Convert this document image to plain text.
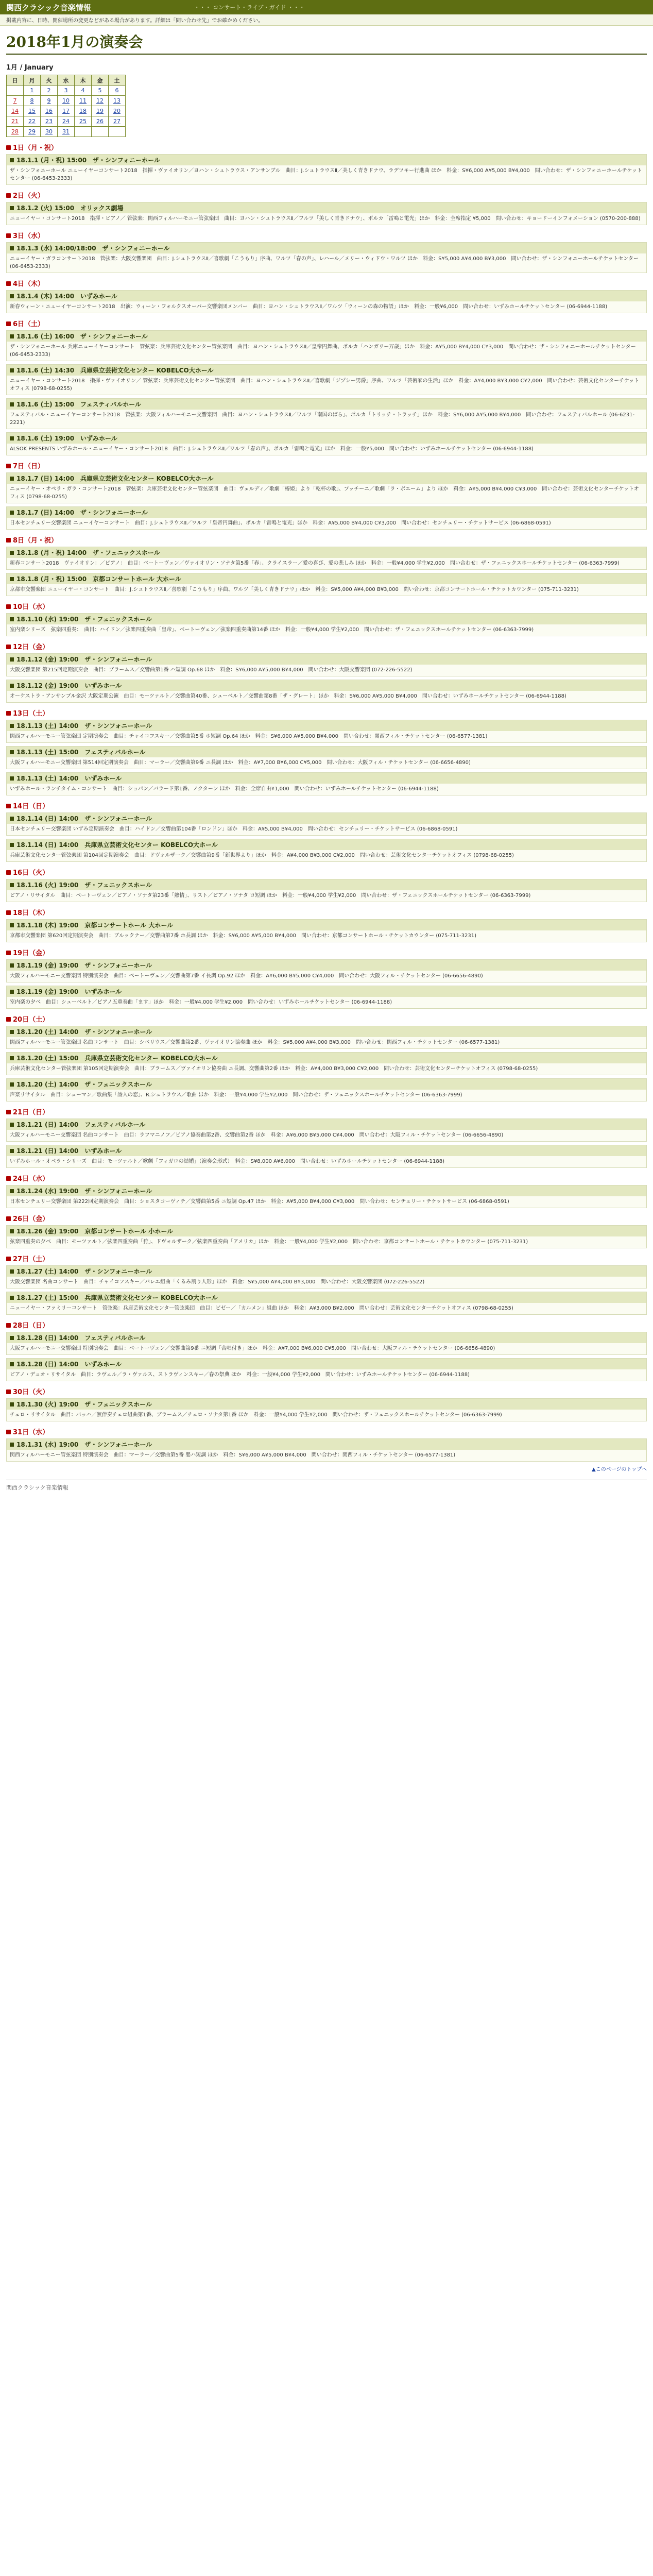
関西クラシック音楽情報	・・・ コンサート・ライブ・ガイド ・・・
掲載内容に、日時、開催場所の変更などがある場合があります。詳細は「問い合わせ先」でお確かめください。
2018年1月の演奏会
1月 / January
日	月	火	水	木	金	土
	1	2	3	4	5	6
7	8	9	10	11	12	13
14	15	16	17	18	19	20
21	22	23	24	25	26	27
28	29	30	31			
1日（月・祝）
18.1.1 (月・祝) 15:00　ザ・シンフォニーホール
ザ・シンフォニーホール ニューイヤーコンサート2018　指揮・ヴァイオリン／ヨハン・シュトラウス・アンサンブル　曲目：J.シュトラウスⅡ／美しく青きドナウ、ラデツキー行進曲 ほか　料金：S¥6,000 A¥5,000 B¥4,000　問い合わせ：ザ・シンフォニーホールチケットセンター (06-6453-2333)
2日（火）
18.1.2 (火) 15:00　オリックス劇場
ニューイヤー・コンサート2018　指揮・ピアノ／ 管弦楽：関西フィルハーモニー管弦楽団　曲目：ヨハン・シュトラウスⅡ／ワルツ「美しく青きドナウ」、ポルカ「雷鳴と電光」ほか　料金：全席指定 ¥5,000　問い合わせ：キョードーインフォメーション (0570-200-888)
3日（水）
18.1.3 (水) 14:00/18:00　ザ・シンフォニーホール
ニューイヤー・ガラコンサート2018　管弦楽：大阪交響楽団　曲目：J.シュトラウスⅡ／喜歌劇「こうもり」序曲、ワルツ「春の声」、レハール／メリー・ウィドウ・ワルツ ほか　料金：S¥5,000 A¥4,000 B¥3,000　問い合わせ：ザ・シンフォニーホールチケットセンター (06-6453-2333)
4日（木）
18.1.4 (木) 14:00　いずみホール
新春ウィーン・ニューイヤーコンサート2018　出演：ウィーン・フォルクスオーパー交響楽団メンバー　曲目：ヨハン・シュトラウスⅡ／ワルツ「ウィーンの森の物語」ほか　料金：一般¥6,000　問い合わせ：いずみホールチケットセンター (06-6944-1188)
6日（土）
18.1.6 (土) 16:00　ザ・シンフォニーホール
ザ・シンフォニーホール 兵庫ニューイヤーコンサート　管弦楽：兵庫芸術文化センター管弦楽団　曲目：ヨハン・シュトラウスⅡ／皇帝円舞曲、ポルカ「ハンガリー万歳」ほか　料金：A¥5,000 B¥4,000 C¥3,000　問い合わせ：ザ・シンフォニーホールチケットセンター (06-6453-2333)
18.1.6 (土) 14:30　兵庫県立芸術文化センター KOBELCO大ホール
ニューイヤー・コンサート2018　指揮・ヴァイオリン／ 管弦楽：兵庫芸術文化センター管弦楽団　曲目：ヨハン・シュトラウスⅡ／喜歌劇「ジプシー男爵」序曲、ワルツ「芸術家の生活」ほか　料金：A¥4,000 B¥3,000 C¥2,000　問い合わせ：芸術文化センターチケットオフィス (0798-68-0255)
18.1.6 (土) 15:00　フェスティバルホール
フェスティバル・ニューイヤーコンサート2018　管弦楽：大阪フィルハーモニー交響楽団　曲目：ヨハン・シュトラウスⅡ／ワルツ「南国のばら」、ポルカ「トリッチ・トラッチ」ほか　料金：S¥6,000 A¥5,000 B¥4,000　問い合わせ：フェスティバルホール (06-6231-2221)
18.1.6 (土) 19:00　いずみホール
ALSOK PRESENTS いずみホール・ニューイヤー・コンサート2018　曲目：J.シュトラウスⅡ／ワルツ「春の声」、ポルカ「雷鳴と電光」ほか　料金：一般¥5,000　問い合わせ：いずみホールチケットセンター (06-6944-1188)
7日（日）
18.1.7 (日) 14:00　兵庫県立芸術文化センター KOBELCO大ホール
ニューイヤー・オペラ・ガラ・コンサート2018　管弦楽：兵庫芸術文化センター管弦楽団　曲目：ヴェルディ／歌劇「椿姫」より「乾杯の歌」、プッチーニ／歌劇「ラ・ボエーム」より ほか　料金：A¥5,000 B¥4,000 C¥3,000　問い合わせ：芸術文化センターチケットオフィス (0798-68-0255)
18.1.7 (日) 14:00　ザ・シンフォニーホール
日本センチュリー交響楽団 ニューイヤーコンサート　曲目：J.シュトラウスⅡ／ワルツ「皇帝円舞曲」、ポルカ「雷鳴と電光」ほか　料金：A¥5,000 B¥4,000 C¥3,000　問い合わせ：センチュリー・チケットサービス (06-6868-0591)
8日（月・祝）
18.1.8 (月・祝) 14:00　ザ・フェニックスホール
新春コンサート2018　ヴァイオリン：／ピアノ：　曲目：ベートーヴェン／ヴァイオリン・ソナタ第5番「春」、クライスラー／愛の喜び、愛の悲しみ ほか　料金：一般¥4,000 学生¥2,000　問い合わせ：ザ・フェニックスホールチケットセンター (06-6363-7999)
18.1.8 (月・祝) 15:00　京都コンサートホール 大ホール
京都市交響楽団 ニューイヤー・コンサート　曲目：J.シュトラウスⅡ／喜歌劇「こうもり」序曲、ワルツ「美しく青きドナウ」ほか　料金：S¥5,000 A¥4,000 B¥3,000　問い合わせ：京都コンサートホール・チケットカウンター (075-711-3231)
10日（水）
18.1.10 (水) 19:00　ザ・フェニックスホール
室内楽シリーズ　弦楽四重奏：　曲目：ハイドン／弦楽四重奏曲「皇帝」、ベートーヴェン／弦楽四重奏曲第14番 ほか　料金：一般¥4,000 学生¥2,000　問い合わせ：ザ・フェニックスホールチケットセンター (06-6363-7999)
12日（金）
18.1.12 (金) 19:00　ザ・シンフォニーホール
大阪交響楽団 第215回定期演奏会　曲目：ブラームス／交響曲第1番 ハ短調 Op.68 ほか　料金：S¥6,000 A¥5,000 B¥4,000　問い合わせ：大阪交響楽団 (072-226-5522)
18.1.12 (金) 19:00　いずみホール
オーケストラ・アンサンブル金沢 大阪定期公演　曲目：モーツァルト／交響曲第40番、シューベルト／交響曲第8番「ザ・グレート」ほか　料金：S¥6,000 A¥5,000 B¥4,000　問い合わせ：いずみホールチケットセンター (06-6944-1188)
13日（土）
18.1.13 (土) 14:00　ザ・シンフォニーホール
関西フィルハーモニー管弦楽団 定期演奏会　曲目：チャイコフスキー／交響曲第5番 ホ短調 Op.64 ほか　料金：S¥6,000 A¥5,000 B¥4,000　問い合わせ：関西フィル・チケットセンター (06-6577-1381)
18.1.13 (土) 15:00　フェスティバルホール
大阪フィルハーモニー交響楽団 第514回定期演奏会　曲目：マーラー／交響曲第9番 ニ長調 ほか　料金：A¥7,000 B¥6,000 C¥5,000　問い合わせ：大阪フィル・チケットセンター (06-6656-4890)
18.1.13 (土) 14:00　いずみホール
いずみホール・ランチタイム・コンサート　曲目：ショパン／バラード第1番、ノクターン ほか　料金：全席自由¥1,000　問い合わせ：いずみホールチケットセンター (06-6944-1188)
14日（日）
18.1.14 (日) 14:00　ザ・シンフォニーホール
日本センチュリー交響楽団 いずみ定期演奏会　曲目：ハイドン／交響曲第104番「ロンドン」ほか　料金：A¥5,000 B¥4,000　問い合わせ：センチュリー・チケットサービス (06-6868-0591)
18.1.14 (日) 14:00　兵庫県立芸術文化センター KOBELCO大ホール
兵庫芸術文化センター管弦楽団 第104回定期演奏会　曲目：ドヴォルザーク／交響曲第9番「新世界より」ほか　料金：A¥4,000 B¥3,000 C¥2,000　問い合わせ：芸術文化センターチケットオフィス (0798-68-0255)
16日（火）
18.1.16 (火) 19:00　ザ・フェニックスホール
ピアノ・リサイタル　曲目：ベートーヴェン／ピアノ・ソナタ第23番「熱情」、リスト／ピアノ・ソナタ ロ短調 ほか　料金：一般¥4,000 学生¥2,000　問い合わせ：ザ・フェニックスホールチケットセンター (06-6363-7999)
18日（木）
18.1.18 (木) 19:00　京都コンサートホール 大ホール
京都市交響楽団 第620回定期演奏会　曲目：ブルックナー／交響曲第7番 ホ長調 ほか　料金：S¥6,000 A¥5,000 B¥4,000　問い合わせ：京都コンサートホール・チケットカウンター (075-711-3231)
19日（金）
18.1.19 (金) 19:00　ザ・シンフォニーホール
大阪フィルハーモニー交響楽団 特別演奏会　曲目：ベートーヴェン／交響曲第7番 イ長調 Op.92 ほか　料金：A¥6,000 B¥5,000 C¥4,000　問い合わせ：大阪フィル・チケットセンター (06-6656-4890)
18.1.19 (金) 19:00　いずみホール
室内楽の夕べ　曲目：シューベルト／ピアノ五重奏曲「ます」ほか　料金：一般¥4,000 学生¥2,000　問い合わせ：いずみホールチケットセンター (06-6944-1188)
20日（土）
18.1.20 (土) 14:00　ザ・シンフォニーホール
関西フィルハーモニー管弦楽団 名曲コンサート　曲目：シベリウス／交響曲第2番、ヴァイオリン協奏曲 ほか　料金：S¥5,000 A¥4,000 B¥3,000　問い合わせ：関西フィル・チケットセンター (06-6577-1381)
18.1.20 (土) 15:00　兵庫県立芸術文化センター KOBELCO大ホール
兵庫芸術文化センター管弦楽団 第105回定期演奏会　曲目：ブラームス／ヴァイオリン協奏曲 ニ長調、交響曲第2番 ほか　料金：A¥4,000 B¥3,000 C¥2,000　問い合わせ：芸術文化センターチケットオフィス (0798-68-0255)
18.1.20 (土) 14:00　ザ・フェニックスホール
声楽リサイタル　曲目：シューマン／歌曲集「詩人の恋」、R.シュトラウス／歌曲 ほか　料金：一般¥4,000 学生¥2,000　問い合わせ：ザ・フェニックスホールチケットセンター (06-6363-7999)
21日（日）
18.1.21 (日) 14:00　フェスティバルホール
大阪フィルハーモニー交響楽団 名曲コンサート　曲目：ラフマニノフ／ピアノ協奏曲第2番、交響曲第2番 ほか　料金：A¥6,000 B¥5,000 C¥4,000　問い合わせ：大阪フィル・チケットセンター (06-6656-4890)
18.1.21 (日) 14:00　いずみホール
いずみホール・オペラ・シリーズ　曲目：モーツァルト／歌劇「フィガロの結婚」（演奏会形式）　料金：S¥8,000 A¥6,000　問い合わせ：いずみホールチケットセンター (06-6944-1188)
24日（水）
18.1.24 (水) 19:00　ザ・シンフォニーホール
日本センチュリー交響楽団 第222回定期演奏会　曲目：ショスタコーヴィチ／交響曲第5番 ニ短調 Op.47 ほか　料金：A¥5,000 B¥4,000 C¥3,000　問い合わせ：センチュリー・チケットサービス (06-6868-0591)
26日（金）
18.1.26 (金) 19:00　京都コンサートホール 小ホール
弦楽四重奏の夕べ　曲目：モーツァルト／弦楽四重奏曲「狩」、ドヴォルザーク／弦楽四重奏曲「アメリカ」ほか　料金：一般¥4,000 学生¥2,000　問い合わせ：京都コンサートホール・チケットカウンター (075-711-3231)
27日（土）
18.1.27 (土) 14:00　ザ・シンフォニーホール
大阪交響楽団 名曲コンサート　曲目：チャイコフスキー／バレエ組曲「くるみ割り人形」ほか　料金：S¥5,000 A¥4,000 B¥3,000　問い合わせ：大阪交響楽団 (072-226-5522)
18.1.27 (土) 15:00　兵庫県立芸術文化センター KOBELCO大ホール
ニューイヤー・ファミリーコンサート　管弦楽：兵庫芸術文化センター管弦楽団　曲目：ビゼー／「カルメン」組曲 ほか　料金：A¥3,000 B¥2,000　問い合わせ：芸術文化センターチケットオフィス (0798-68-0255)
28日（日）
18.1.28 (日) 14:00　フェスティバルホール
大阪フィルハーモニー交響楽団 特別演奏会　曲目：ベートーヴェン／交響曲第9番 ニ短調「合唱付き」ほか　料金：A¥7,000 B¥6,000 C¥5,000　問い合わせ：大阪フィル・チケットセンター (06-6656-4890)
18.1.28 (日) 14:00　いずみホール
ピアノ・デュオ・リサイタル　曲目：ラヴェル／ラ・ヴァルス、ストラヴィンスキー／春の祭典 ほか　料金：一般¥4,000 学生¥2,000　問い合わせ：いずみホールチケットセンター (06-6944-1188)
30日（火）
18.1.30 (火) 19:00　ザ・フェニックスホール
チェロ・リサイタル　曲目：バッハ／無伴奏チェロ組曲第1番、ブラームス／チェロ・ソナタ第1番 ほか　料金：一般¥4,000 学生¥2,000　問い合わせ：ザ・フェニックスホールチケットセンター (06-6363-7999)
31日（水）
18.1.31 (水) 19:00　ザ・シンフォニーホール
関西フィルハーモニー管弦楽団 特別演奏会　曲目：マーラー／交響曲第5番 嬰ハ短調 ほか　料金：S¥6,000 A¥5,000 B¥4,000　問い合わせ：関西フィル・チケットセンター (06-6577-1381)
▲このページのトップへ
関西クラシック音楽情報
